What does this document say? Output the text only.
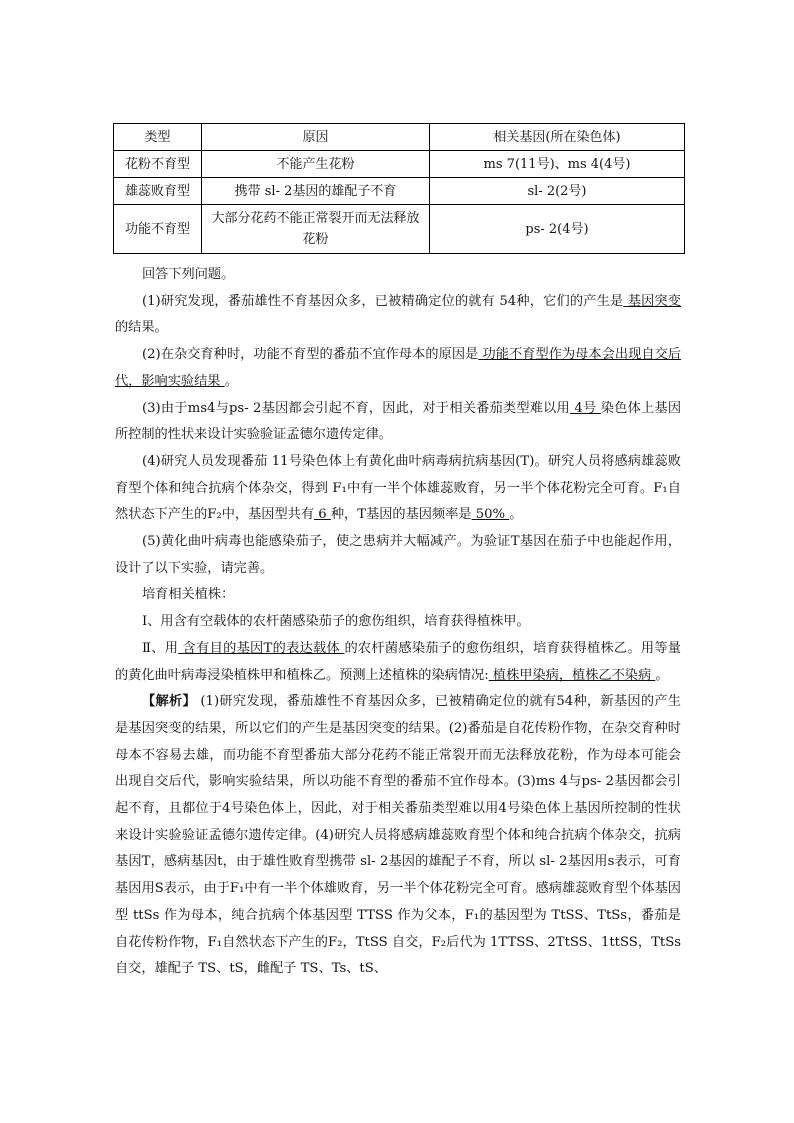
类型	原因	相关基因(所在染色体)
花粉不育型	不能产生花粉	ms 7(11号)、ms 4(4号)
雄蕊败育型	携带 sl- 2基因的雄配子不育	sl- 2(2号)
功能不育型	大部分花药不能正常裂开而无法释放花粉	ps- 2(4号)

回答下列问题。

(1)研究发现，番茄雄性不育基因众多，已被精确定位的就有 54种，它们的产生是 基因突变 的结果。

(2)在杂交育种时，功能不育型的番茄不宜作母本的原因是 功能不育型作为母本会出现自交后代，影响实验结果 。

(3)由于ms4与ps- 2基因都会引起不育，因此，对于相关番茄类型难以用 4号 染色体上基因所控制的性状来设计实验验证孟德尔遗传定律。

(4)研究人员发现番茄 11号染色体上有黄化曲叶病毒病抗病基因(T)。研究人员将感病雄蕊败育型个体和纯合抗病个体杂交，得到 F₁中有一半个体雄蕊败育，另一半个体花粉完全可育。F₁自然状态下产生的F₂中，基因型共有 6 种，T基因的基因频率是 50% 。

(5)黄化曲叶病毒也能感染茄子，使之患病并大幅减产。为验证T基因在茄子中也能起作用，设计了以下实验，请完善。

培育相关植株：

Ⅰ、用含有空载体的农杆菌感染茄子的愈伤组织，培育获得植株甲。

Ⅱ、用 含有目的基因T的表达载体 的农杆菌感染茄子的愈伤组织，培育获得植株乙。用等量的黄化曲叶病毒浸染植株甲和植株乙。预测上述植株的染病情况: 植株甲染病，植株乙不染病 。

【解析】 (1)研究发现，番茄雄性不育基因众多，已被精确定位的就有54种，新基因的产生是基因突变的结果，所以它们的产生是基因突变的结果。(2)番茄是自花传粉作物，在杂交育种时母本不容易去雄，而功能不育型番茄大部分花药不能正常裂开而无法释放花粉，作为母本可能会出现自交后代，影响实验结果，所以功能不育型的番茄不宜作母本。(3)ms 4与ps- 2基因都会引起不育，且都位于4号染色体上，因此，对于相关番茄类型难以用4号染色体上基因所控制的性状来设计实验验证孟德尔遗传定律。(4)研究人员将感病雄蕊败育型个体和纯合抗病个体杂交，抗病基因T，感病基因t，由于雄性败育型携带 sl- 2基因的雄配子不育，所以 sl- 2基因用s表示，可育基因用S表示，由于F₁中有一半个体雄败育，另一半个体花粉完全可育。感病雄蕊败育型个体基因型 ttSs 作为母本，纯合抗病个体基因型 TTSS 作为父本，F₁的基因型为 TtSS、TtSs，番茄是自花传粉作物，F₁自然状态下产生的F₂，TtSS 自交，F₂后代为 1TTSS、2TtSS、1ttSS，TtSs自交，雄配子 TS、tS，雌配子 TS、Ts、tS、
